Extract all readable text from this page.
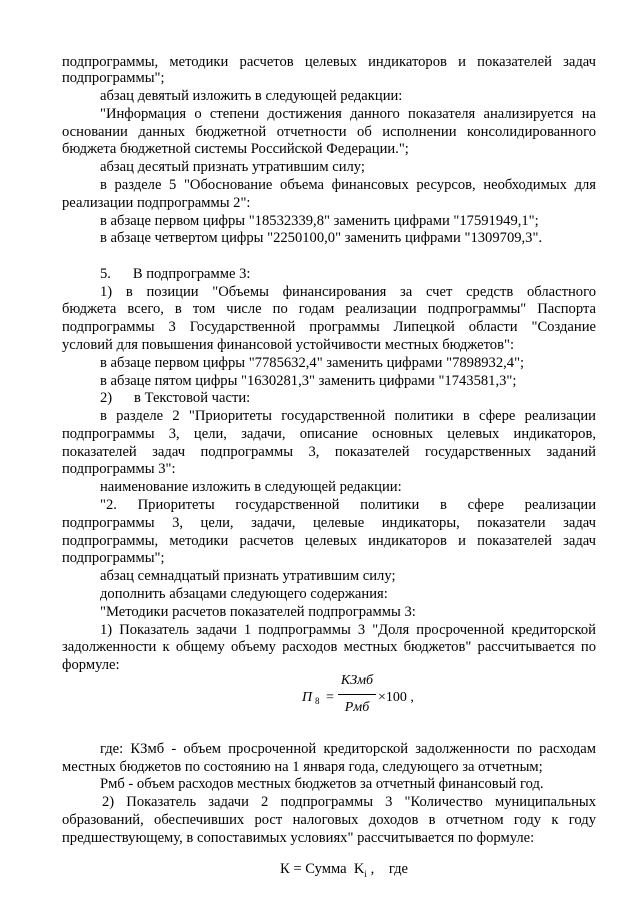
подпрограммы, методики расчетов целевых индикаторов и показателей задач
подпрограммы";
абзац девятый изложить в следующей редакции:
"Информация о степени достижения данного показателя анализируется на
основании данных бюджетной отчетности об исполнении консолидированного
бюджета бюджетной системы Российской Федерации.";
абзац десятый признать утратившим силу;
в разделе 5 "Обоснование объема финансовых ресурсов, необходимых для
реализации подпрограммы 2":
в абзаце первом цифры "18532339,8" заменить цифрами "17591949,1";
в абзаце четвертом цифры "2250100,0" заменить цифрами "1309709,3".
5.      В подпрограмме 3:
1) в позиции "Объемы финансирования за счет средств областного
бюджета всего, в том числе по годам реализации подпрограммы" Паспорта
подпрограммы 3 Государственной программы Липецкой области "Создание
условий для повышения финансовой устойчивости местных бюджетов":
в абзаце первом цифры "7785632,4" заменить цифрами "7898932,4";
в абзаце пятом цифры "1630281,3" заменить цифрами "1743581,3";
2)      в Текстовой части:
в разделе 2 "Приоритеты государственной политики в сфере реализации
подпрограммы 3, цели, задачи, описание основных целевых индикаторов,
показателей задач подпрограммы 3, показателей государственных заданий
подпрограммы 3":
наименование изложить в следующей редакции:
"2. Приоритеты государственной политики в сфере реализации
подпрограммы 3, цели, задачи, целевые индикаторы, показатели задач
подпрограммы, методики расчетов целевых индикаторов и показателей задач
подпрограммы";
абзац семнадцатый признать утратившим силу;
дополнить абзацами следующего содержания:
"Методики расчетов показателей подпрограммы 3:
1) Показатель задачи 1 подпрограммы 3 "Доля просроченной кредиторской
задолженности к общему объему расходов местных бюджетов" рассчитывается по
формуле:
П 8 =
КЗмб
Рмб
×100 ,
где: КЗмб - объем просроченной кредиторской задолженности по расходам
местных бюджетов по состоянию на 1 января года, следующего за отчетным;
Рмб - объем расходов местных бюджетов за отчетный финансовый год.
2) Показатель задачи 2 подпрограммы 3 "Количество муниципальных
образований, обеспечивших рост налоговых доходов в отчетном году к году
предшествующему, в сопоставимых условиях" рассчитывается по формуле:
К = Сумма  $K_i$ ,    где
